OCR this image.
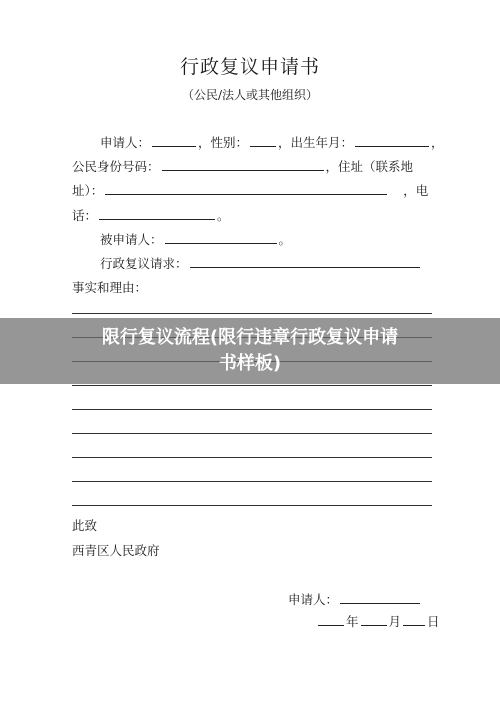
行政复议申请书
（公民/法人或其他组织）
申请人：	，性别： ，出生年月：	，
公民身份号码：	，住址（联系地
址）：	，电
话：	。
被申请人：	。
行政复议请求：
事实和理由：
此致
西青区人民政府
申请人：
年 月 日
限行复议流程(限行违章行政复议申请
书样板)
